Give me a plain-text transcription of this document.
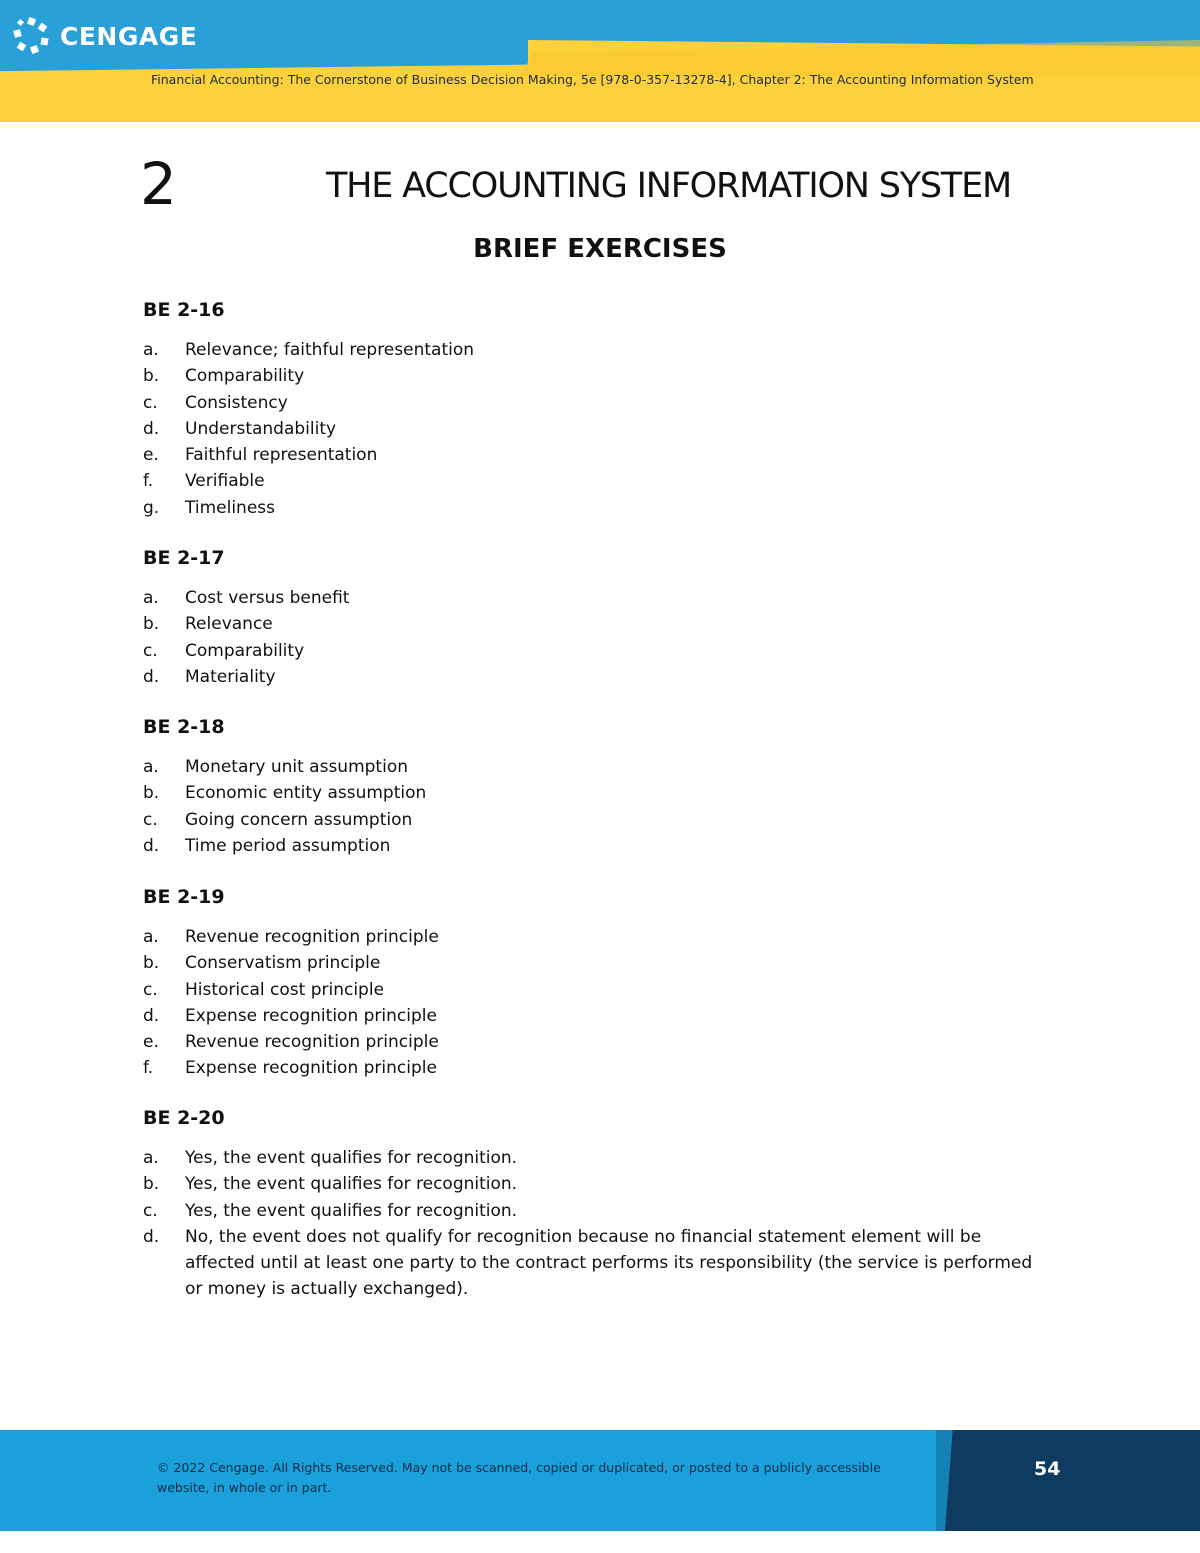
CENGAGE
Financial Accounting: The Cornerstone of Business Decision Making, 5e [978-0-357-13278-4], Chapter 2: The Accounting Information System
2	THE ACCOUNTING INFORMATION SYSTEM
BRIEF EXERCISES
BE 2-16
a.	Relevance; faithful representation
b.	Comparability
c.	Consistency
d.	Understandability
e.	Faithful representation
f.	Verifiable
g.	Timeliness
BE 2-17
a.	Cost versus benefit
b.	Relevance
c.	Comparability
d.	Materiality
BE 2-18
a.	Monetary unit assumption
b.	Economic entity assumption
c.	Going concern assumption
d.	Time period assumption
BE 2-19
a.	Revenue recognition principle
b.	Conservatism principle
c.	Historical cost principle
d.	Expense recognition principle
e.	Revenue recognition principle
f.	Expense recognition principle
BE 2-20
a.	Yes, the event qualifies for recognition.
b.	Yes, the event qualifies for recognition.
c.	Yes, the event qualifies for recognition.
d.	No, the event does not qualify for recognition because no financial statement element will be affected until at least one party to the contract performs its responsibility (the service is performed or money is actually exchanged).
© 2022 Cengage. All Rights Reserved. May not be scanned, copied or duplicated, or posted to a publicly accessible website, in whole or in part.
54
